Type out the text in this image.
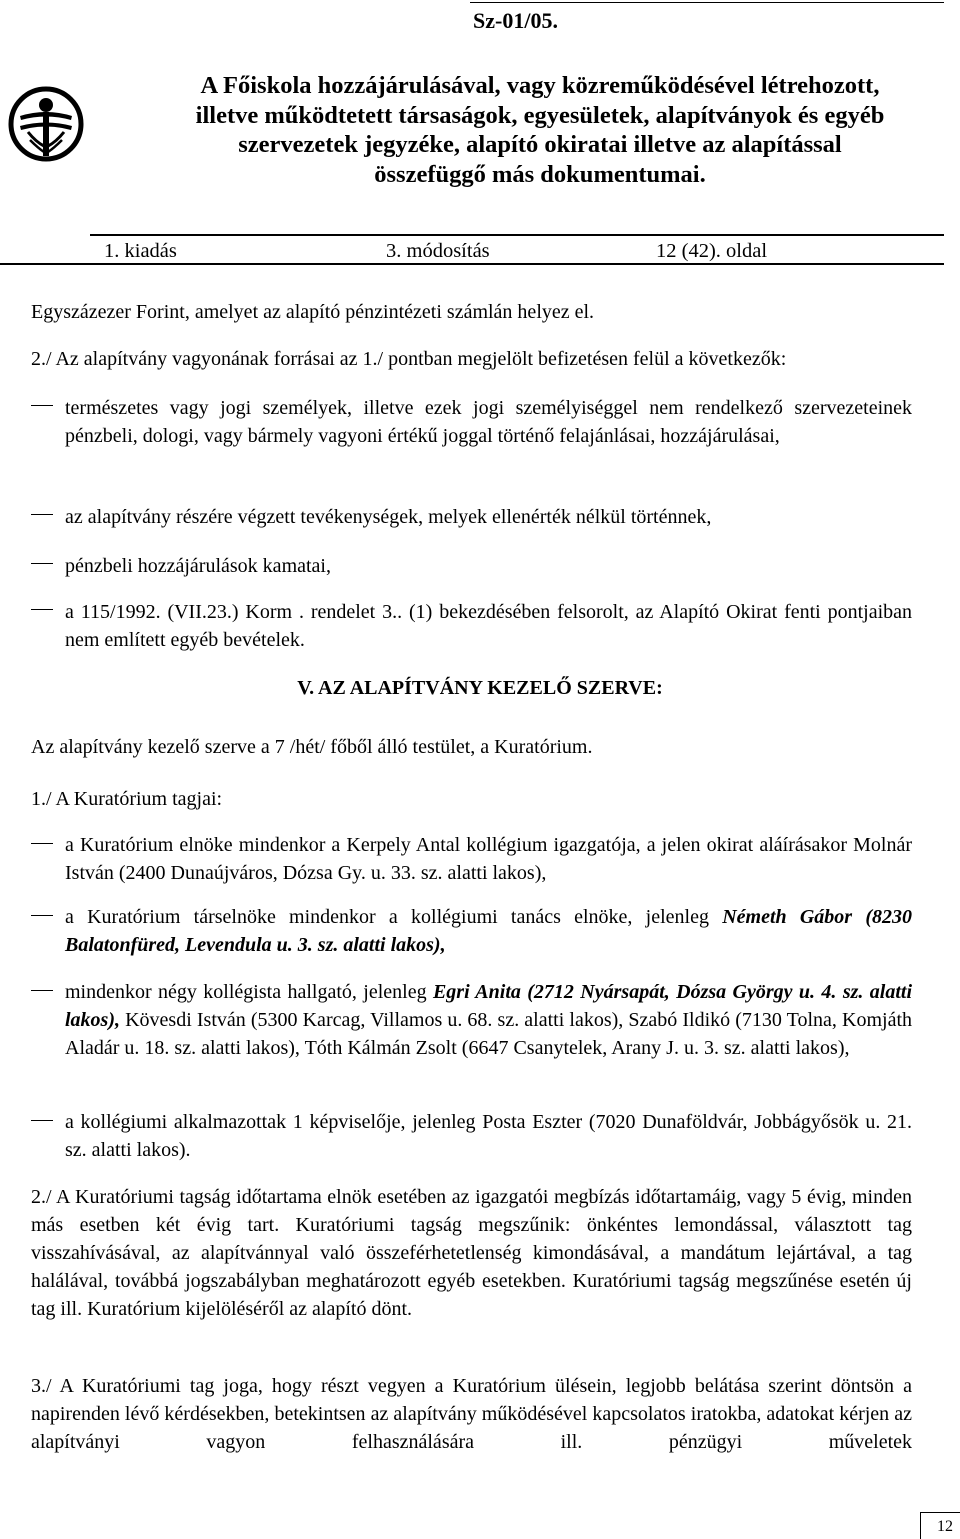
Sz-01/05.
A Főiskola hozzájárulásával, vagy közreműködésével létrehozott,
illetve működtetett társaságok, egyesületek, alapítványok és egyéb
szervezetek jegyzéke, alapító okiratai illetve az alapítással
összefüggő más dokumentumai.
1. kiadás	3. módosítás	12 (42). oldal
Egyszázezer Forint, amelyet az alapító pénzintézeti számlán helyez el.
2./ Az alapítvány vagyonának forrásai az 1./ pontban megjelölt befizetésen felül a következők:
természetes vagy jogi személyek, illetve ezek jogi személyiséggel nem rendelkező szervezeteinek pénzbeli, dologi, vagy bármely vagyoni értékű joggal történő felajánlásai, hozzájárulásai,
az alapítvány részére végzett tevékenységek, melyek ellenérték nélkül történnek,
pénzbeli hozzájárulások kamatai,
a 115/1992. (VII.23.) Korm . rendelet 3.. (1) bekezdésében felsorolt, az Alapító Okirat fenti pontjaiban nem említett egyéb bevételek.
V. AZ ALAPÍTVÁNY KEZELŐ SZERVE:
Az alapítvány kezelő szerve a 7 /hét/ főből álló testület, a Kuratórium.
1./ A Kuratórium tagjai:
a Kuratórium elnöke mindenkor a Kerpely Antal kollégium igazgatója, a jelen okirat aláírásakor Molnár István (2400 Dunaújváros, Dózsa Gy. u. 33. sz. alatti lakos),
a Kuratórium társelnöke mindenkor a kollégiumi tanács elnöke, jelenleg Németh Gábor (8230 Balatonfüred, Levendula u. 3. sz. alatti lakos),
mindenkor négy kollégista hallgató, jelenleg Egri Anita (2712 Nyársapát, Dózsa György u. 4. sz. alatti lakos), Kövesdi István (5300 Karcag, Villamos u. 68. sz. alatti lakos), Szabó Ildikó (7130 Tolna, Komjáth Aladár u. 18. sz. alatti lakos), Tóth Kálmán Zsolt (6647 Csanytelek, Arany J. u. 3. sz. alatti lakos),
a kollégiumi alkalmazottak 1 képviselője, jelenleg Posta Eszter (7020 Dunaföldvár, Jobbágyősök u. 21. sz. alatti lakos).
2./ A Kuratóriumi tagság időtartama elnök esetében az igazgatói megbízás időtartamáig, vagy 5 évig, minden más esetben két évig tart. Kuratóriumi tagság megszűnik: önkéntes lemondással, választott tag visszahívásával, az alapítvánnyal való összeférhetetlenség kimondásával, a mandátum lejártával, a tag halálával, továbbá jogszabályban meghatározott egyéb esetekben. Kuratóriumi tagság megszűnése esetén új tag ill. Kuratórium kijelöléséről az alapító dönt.
3./ A Kuratóriumi tag joga, hogy részt vegyen a Kuratórium ülésein, legjobb belátása szerint döntsön a napirenden lévő kérdésekben, betekintsen az alapítvány működésével kapcsolatos iratokba, adatokat kérjen az alapítványi vagyon felhasználására ill. pénzügyi műveletek
12
